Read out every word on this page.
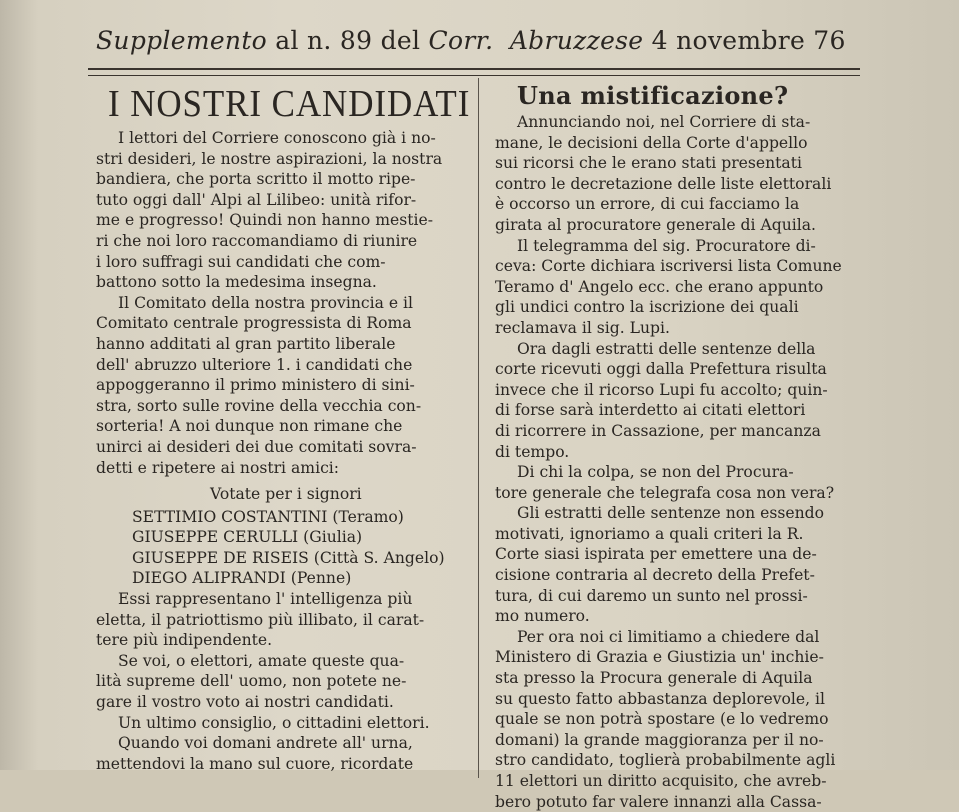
Supplemento al n. 89 del Corr. Abruzzese 4 novembre 76
I NOSTRI CANDIDATI
I lettori del Corriere conoscono già i no-
stri desideri, le nostre aspirazioni, la nostra
bandiera, che porta scritto il motto ripe-
tuto oggi dall' Alpi al Lilibeo: unità rifor-
me e progresso! Quindi non hanno mestie-
ri che noi loro raccomandiamo di riunire
i loro suffragi sui candidati che com-
battono sotto la medesima insegna.
Il Comitato della nostra provincia e il
Comitato centrale progressista di Roma
hanno additati al gran partito liberale
dell' abruzzo ulteriore 1. i candidati che
appoggeranno il primo ministero di sini-
stra, sorto sulle rovine della vecchia con-
sorteria! A noi dunque non rimane che
unirci ai desideri dei due comitati sovra-
detti e ripetere ai nostri amici:
Votate per i signori
SETTIMIO COSTANTINI (Teramo)
GIUSEPPE CERULLI (Giulia)
GIUSEPPE DE RISEIS (Città S. Angelo)
DIEGO ALIPRANDI (Penne)
Essi rappresentano l' intelligenza più
eletta, il patriottismo più illibato, il carat-
tere più indipendente.
Se voi, o elettori, amate queste qua-
lità supreme dell' uomo, non potete ne-
gare il vostro voto ai nostri candidati.
Un ultimo consiglio, o cittadini elettori.
Quando voi domani andrete all' urna,
mettendovi la mano sul cuore, ricordate
Una mistificazione?
Annunciando noi, nel Corriere di sta-
mane, le decisioni della Corte d'appello
sui ricorsi che le erano stati presentati
contro le decretazione delle liste elettorali
è occorso un errore, di cui facciamo la
girata al procuratore generale di Aquila.
Il telegramma del sig. Procuratore di-
ceva: Corte dichiara iscriversi lista Comune
Teramo d' Angelo ecc. che erano appunto
gli undici contro la iscrizione dei quali
reclamava il sig. Lupi.
Ora dagli estratti delle sentenze della
corte ricevuti oggi dalla Prefettura risulta
invece che il ricorso Lupi fu accolto; quin-
di forse sarà interdetto ai citati elettori
di ricorrere in Cassazione, per mancanza
di tempo.
Di chi la colpa, se non del Procura-
tore generale che telegrafa cosa non vera?
Gli estratti delle sentenze non essendo
motivati, ignoriamo a quali criteri la R.
Corte siasi ispirata per emettere una de-
cisione contraria al decreto della Prefet-
tura, di cui daremo un sunto nel prossi-
mo numero.
Per ora noi ci limitiamo a chiedere dal
Ministero di Grazia e Giustizia un' inchie-
sta presso la Procura generale di Aquila
su questo fatto abbastanza deplorevole, il
quale se non potrà spostare (e lo vedremo
domani) la grande maggioranza per il no-
stro candidato, toglierà probabilmente agli
11 elettori un diritto acquisito, che avreb-
bero potuto far valere innanzi alla Cassa-
